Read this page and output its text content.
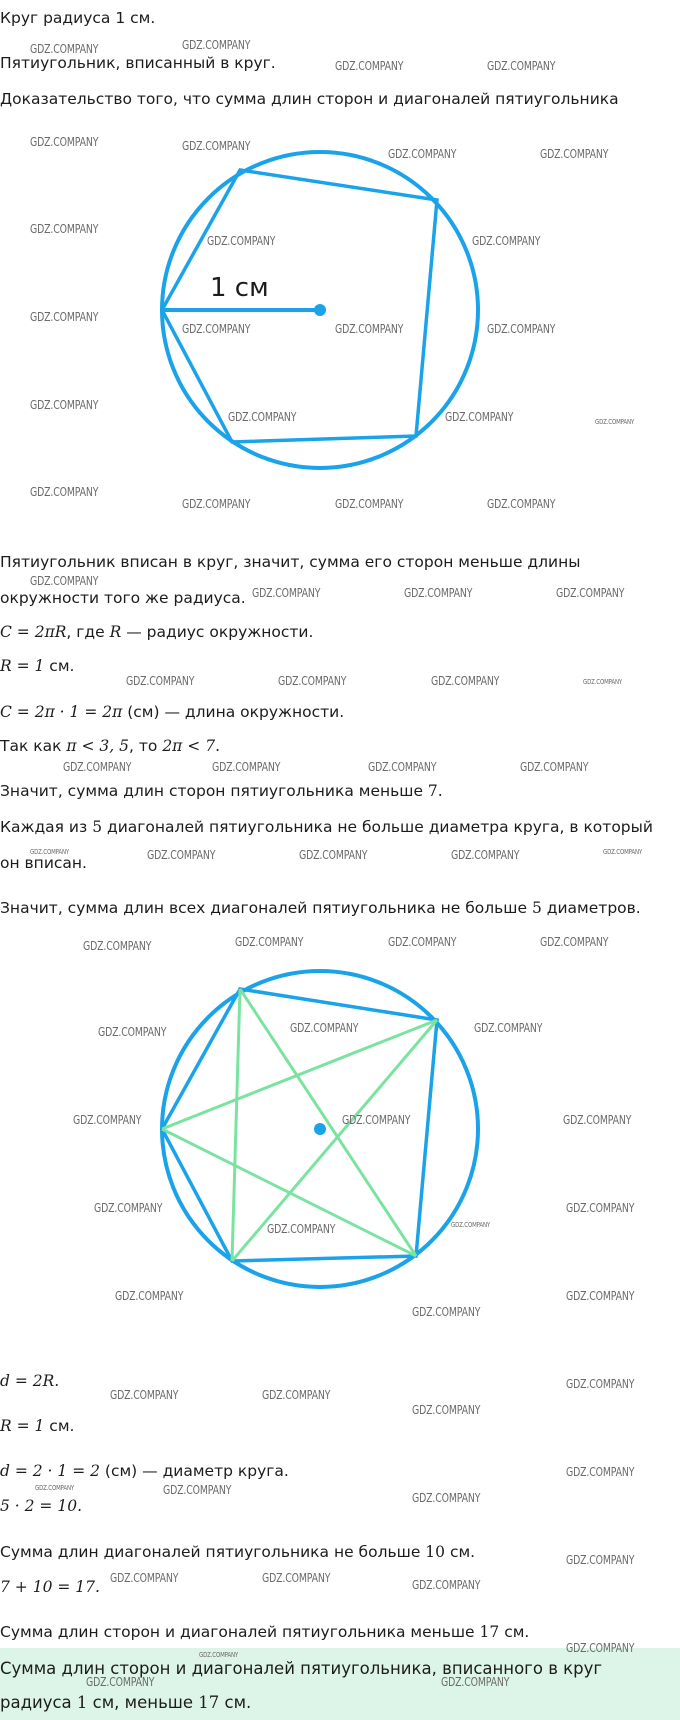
Круг радиуса 1 см.
Пятиугольник, вписанный в круг.
Доказательство того, что сумма длин сторон и диагоналей пятиугольника
1 см
Пятиугольник вписан в круг, значит, сумма его сторон меньше длины
окружности того же радиуса.
C = 2πR, где R — радиус окружности.
R = 1 см.
C = 2π · 1 = 2π (см) — длина окружности.
Так как π < 3, 5, то 2π < 7.
Значит, сумма длин сторон пятиугольника меньше 7.
Каждая из 5 диагоналей пятиугольника не больше диаметра круга, в который
он вписан.
Значит, сумма длин всех диагоналей пятиугольника не больше 5 диаметров.
d = 2R.
R = 1 см.
d = 2 · 1 = 2 (см) — диаметр круга.
5 · 2 = 10.
Сумма длин диагоналей пятиугольника не больше 10 см.
7 + 10 = 17.
Сумма длин сторон и диагоналей пятиугольника меньше 17 см.
Сумма длин сторон и диагоналей пятиугольника, вписанного в круг
радиуса 1 см, меньше 17 см.
GDZ.COMPANY	GDZ.COMPANY
GDZ.COMPANY	GDZ.COMPANY
GDZ.COMPANY	GDZ.COMPANY
GDZ.COMPANY	GDZ.COMPANY
GDZ.COMPANY
GDZ.COMPANY	GDZ.COMPANY
GDZ.COMPANY
GDZ.COMPANY	GDZ.COMPANY	GDZ.COMPANY
GDZ.COMPANY
GDZ.COMPANY	GDZ.COMPANY	GDZ.COMPANY
GDZ.COMPANY
GDZ.COMPANY	GDZ.COMPANY	GDZ.COMPANY
GDZ.COMPANY
GDZ.COMPANY	GDZ.COMPANY	GDZ.COMPANY
GDZ.COMPANY	GDZ.COMPANY	GDZ.COMPANY	GDZ.COMPANY
GDZ.COMPANY	GDZ.COMPANY	GDZ.COMPANY	GDZ.COMPANY
GDZ.COMPANY	GDZ.COMPANY	GDZ.COMPANY	GDZ.COMPANY	GDZ.COMPANY
GDZ.COMPANY	GDZ.COMPANY	GDZ.COMPANY	GDZ.COMPANY
GDZ.COMPANY	GDZ.COMPANY	GDZ.COMPANY
GDZ.COMPANY	GDZ.COMPANY	GDZ.COMPANY
GDZ.COMPANY
GDZ.COMPANY
GDZ.COMPANY
GDZ.COMPANY
GDZ.COMPANY
GDZ.COMPANY
GDZ.COMPANY
GDZ.COMPANY	GDZ.COMPANY
GDZ.COMPANY
GDZ.COMPANY
GDZ.COMPANY	GDZ.COMPANY
GDZ.COMPANY
GDZ.COMPANY
GDZ.COMPANY	GDZ.COMPANY	GDZ.COMPANY
GDZ.COMPANY
GDZ.COMPANY	GDZ.COMPANY
GDZ.COMPANY	GDZ.COMPANY
